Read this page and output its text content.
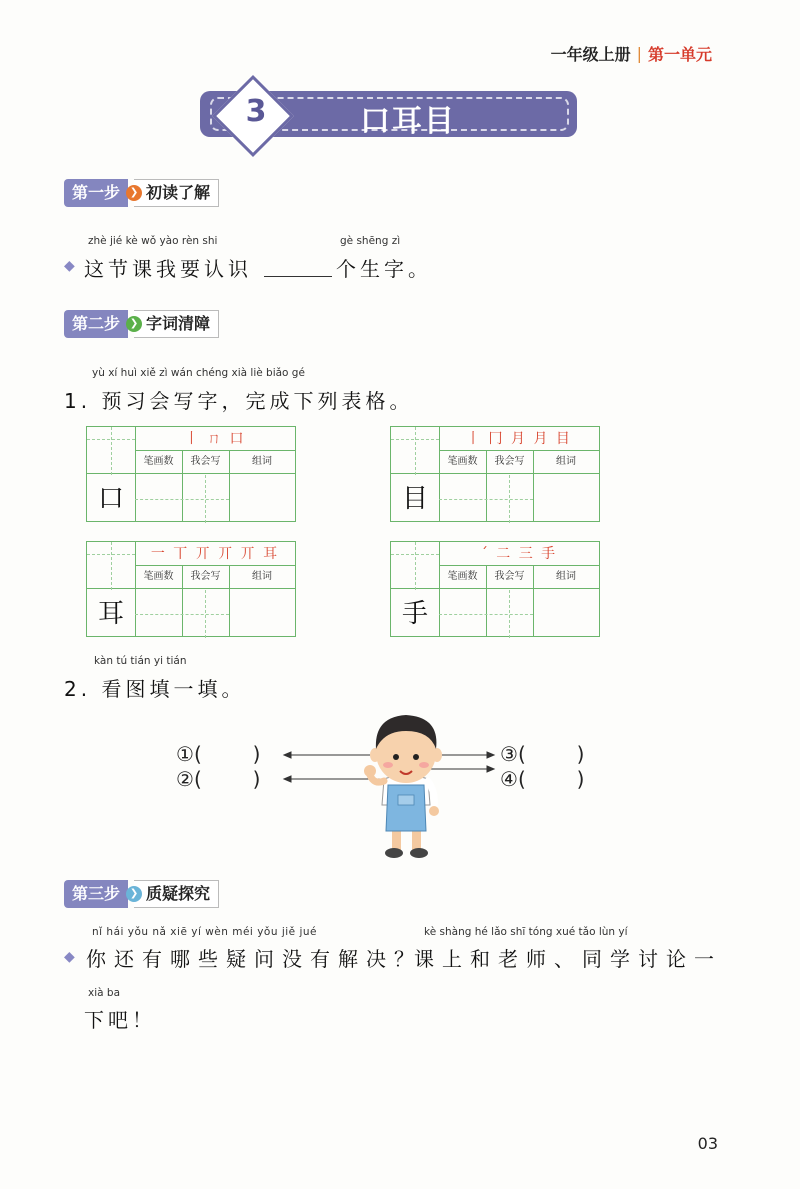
一年级上册 | 第一单元
3	口耳目
第一步 ❯ 初读了解
zhè jié kè wǒ yào rèn shi	gè shēng zì
◆ 这节课我要认识	个生字。
第二步 ❯ 字词清障
yù xí huì xiě zì wán chéng xià liè biǎo gé
1. 预习会写字，完成下列表格。
丨 ㄇ 口
笔画数	我会写	组词
口
丨 冂 月 月 目
笔画数	我会写	组词
目
一 丅 丌 丌 丌 耳
笔画数	我会写	组词
耳
ˊ 二 三 手
笔画数	我会写	组词
手
kàn tú tián yi tián
2. 看图填一填。
①(        )
②(        )
③(        )
④(        )
第三步 ❯ 质疑探究
nǐ hái yǒu nǎ xiē yí wèn méi yǒu jiě jué	kè shàng hé lǎo shī tóng xué tǎo lùn yí
◆ 你还有哪些疑问没有解决？
课上和老师、同学讨论一
xià ba
下吧！
03
